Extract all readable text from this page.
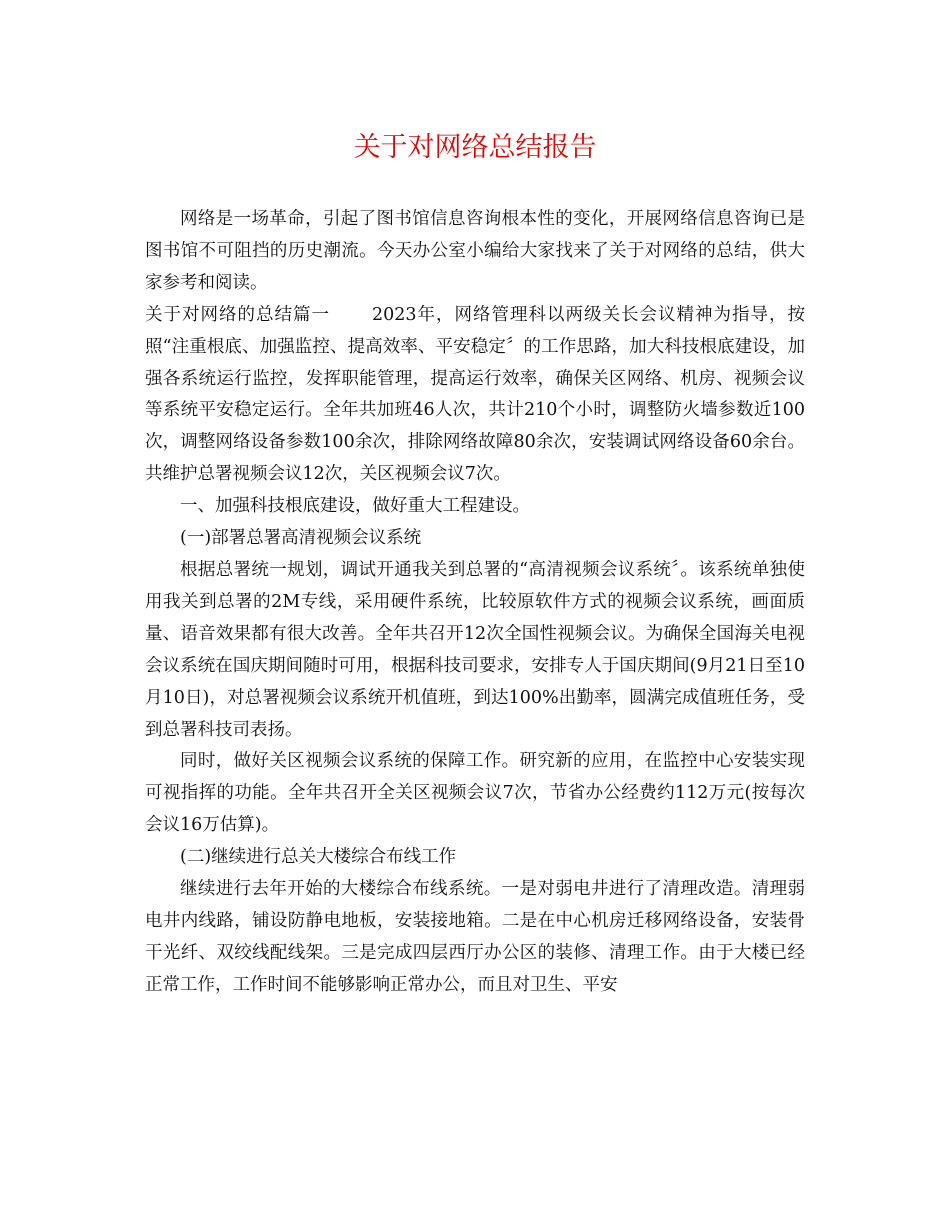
关于对网络总结报告

网络是一场革命，引起了图书馆信息咨询根本性的变化，开展网络信息咨询已是图书馆不可阻挡的历史潮流。今天办公室小编给大家找来了关于对网络的总结，供大家参考和阅读。

关于对网络的总结篇一 2023年，网络管理科以两级关长会议精神为指导，按照“注重根底、加强监控、提高效率、平安稳定〞的工作思路，加大科技根底建设，加强各系统运行监控，发挥职能管理，提高运行效率，确保关区网络、机房、视频会议等系统平安稳定运行。全年共加班46人次，共计210个小时，调整防火墙参数近100次，调整网络设备参数100余次，排除网络故障80余次，安装调试网络设备60余台。共维护总署视频会议12次，关区视频会议7次。

一、加强科技根底建设，做好重大工程建设。

(一)部署总署高清视频会议系统

根据总署统一规划，调试开通我关到总署的“高清视频会议系统〞。该系统单独使用我关到总署的2M专线，采用硬件系统，比较原软件方式的视频会议系统，画面质量、语音效果都有很大改善。全年共召开12次全国性视频会议。为确保全国海关电视 会议系统在国庆期间随时可用，根据科技司要求，安排专人于国庆期间(9月21日至10月10日)，对总署视频会议系统开机值班，到达100%出勤率，圆满完成值班任务，受到总署科技司表扬。

同时，做好关区视频会议系统的保障工作。研究新的应用，在监控中心安装实现可视指挥的功能。全年共召开全关区视频会议7次，节省办公经费约112万元(按每次会议16万估算)。

(二)继续进行总关大楼综合布线工作

继续进行去年开始的大楼综合布线系统。一是对弱电井进行了清理改造。清理弱电井内线路，铺设防静电地板，安装接地箱。二是在中心机房迁移网络设备，安装骨干光纤、双绞线配线架。三是完成四层西厅办公区的装修、清理工作。由于大楼已经正常工作，工作时间不能够影响正常办公，而且对卫生、平安
